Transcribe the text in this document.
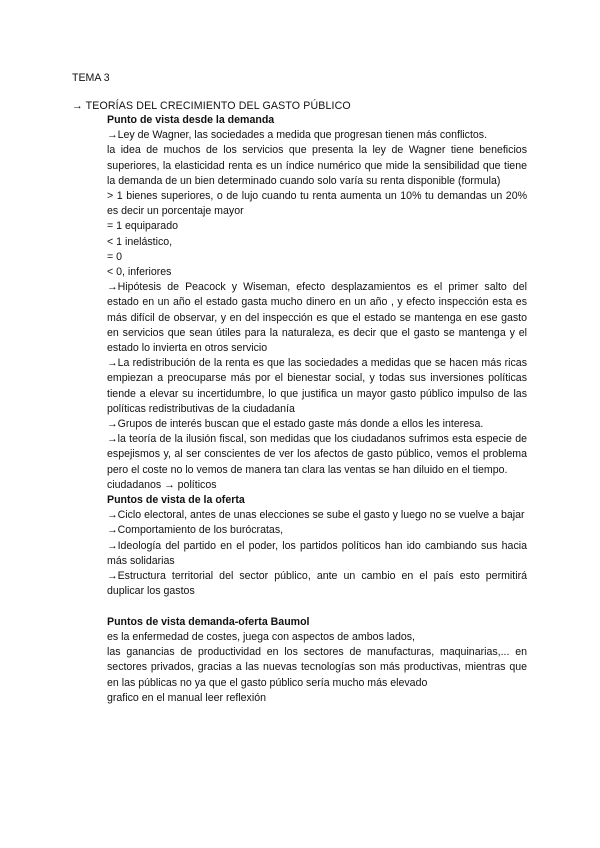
TEMA 3
→ TEORÍAS DEL CRECIMIENTO DEL GASTO PÚBLICO

Punto de vista desde la demanda

→Ley de Wagner, las sociedades a medida que progresan tienen más conflictos.

la idea de muchos de los servicios que presenta la ley de Wagner tiene beneficios superiores, la elasticidad renta es un índice numérico que mide la sensibilidad que tiene la demanda de un bien determinado cuando solo varía su renta disponible (formula)

> 1 bienes superiores, o de lujo cuando tu renta aumenta un 10% tu demandas un 20% es decir un porcentaje mayor

= 1 equiparado

< 1 inelástico,

= 0

< 0, inferiores

→Hipótesis de Peacock y Wiseman, efecto desplazamientos es el primer salto del estado en un año el estado gasta mucho dinero en un año , y efecto inspección esta es más difícil de observar, y en del inspección es que el estado se mantenga en ese gasto en servicios que sean útiles para la naturaleza, es decir que el gasto se mantenga y el estado lo invierta en otros servicio

→La redistribución de la renta es que las sociedades a medidas que se hacen más ricas empiezan a preocuparse más por el bienestar social, y todas sus inversiones políticas tiende a elevar su incertidumbre, lo que justifica un mayor gasto público impulso de las políticas redistributivas de la ciudadanía

→Grupos de interés buscan que el estado gaste más donde a ellos les interesa.

→la teoría de la ilusión fiscal, son medidas que los ciudadanos sufrimos esta especie de espejismos y, al ser conscientes de ver los afectos de gasto público, vemos el problema pero el coste no lo vemos de manera tan clara las ventas se han diluido en el tiempo.

ciudadanos → políticos

Puntos de vista de la oferta

→Ciclo electoral, antes de unas elecciones se sube el gasto y luego no se vuelve a bajar

→Comportamiento de los burócratas,

→Ideología del partido en el poder, los partidos políticos han ido cambiando sus hacia más solidarias

→Estructura territorial del sector público, ante un cambio en el país esto permitirá duplicar los gastos

Puntos de vista demanda-oferta Baumol

es la enfermedad de costes, juega con aspectos de ambos lados,

las ganancias de productividad en los sectores de manufacturas, maquinarias,... en sectores privados, gracias a las nuevas tecnologías son más productivas, mientras que en las públicas no ya que el gasto público sería mucho más elevado

grafico en el manual leer reflexión
